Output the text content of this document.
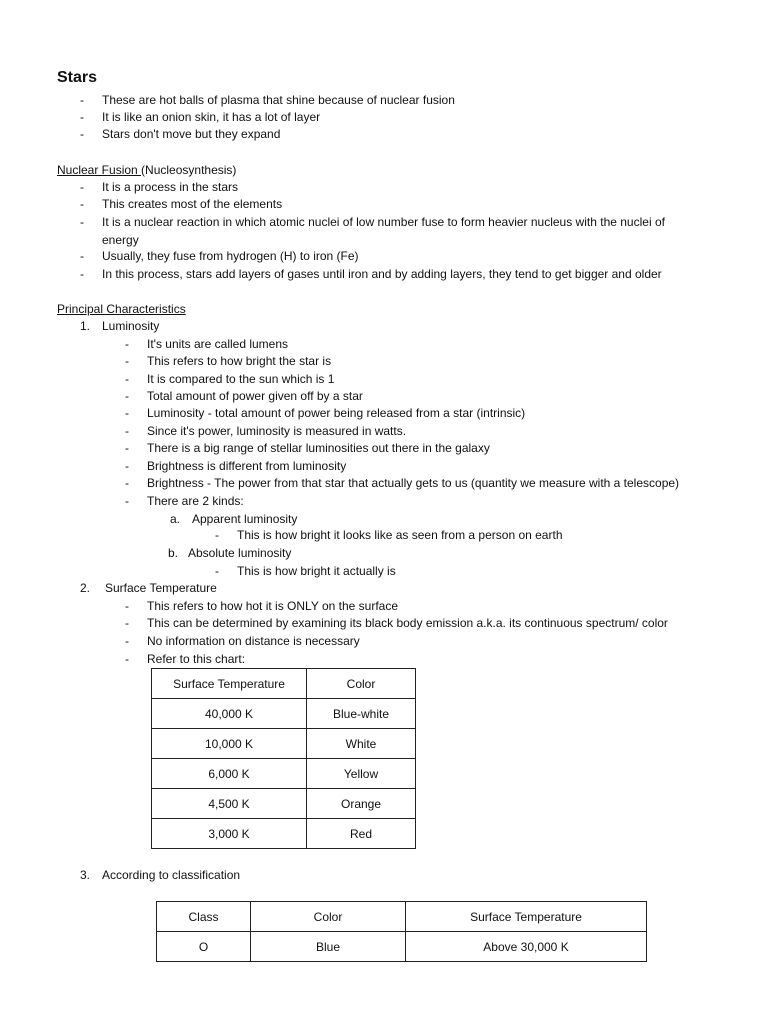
Stars
- These are hot balls of plasma that shine because of nuclear fusion
- It is like an onion skin, it has a lot of layer
- Stars don't move but they expand
Nuclear Fusion (Nucleosynthesis)
- It is a process in the stars
- This creates most of the elements
- It is a nuclear reaction in which atomic nuclei of low number fuse to form heavier nucleus with the nuclei of
energy
- Usually, they fuse from hydrogen (H) to iron (Fe)
- In this process, stars add layers of gases until iron and by adding layers, they tend to get bigger and older
Principal Characteristics
1. Luminosity
- It's units are called lumens
- This refers to how bright the star is
- It is compared to the sun which is 1
- Total amount of power given off by a star
- Luminosity - total amount of power being released from a star (intrinsic)
- Since it's power, luminosity is measured in watts.
- There is a big range of stellar luminosities out there in the galaxy
- Brightness is different from luminosity
- Brightness - The power from that star that actually gets to us (quantity we measure with a telescope)
- There are 2 kinds:
a. Apparent luminosity
- This is how bright it looks like as seen from a person on earth
b. Absolute luminosity
- This is how bright it actually is
2. Surface Temperature
- This refers to how hot it is ONLY on the surface
- This can be determined by examining its black body emission a.k.a. its continuous spectrum/ color
- No information on distance is necessary
- Refer to this chart:
Surface Temperature	Color
40,000 K	Blue-white
10,000 K	White
6,000 K	Yellow
4,500 K	Orange
3,000 K	Red
3. According to classification
Class	Color	Surface Temperature
O	Blue	Above 30,000 K
